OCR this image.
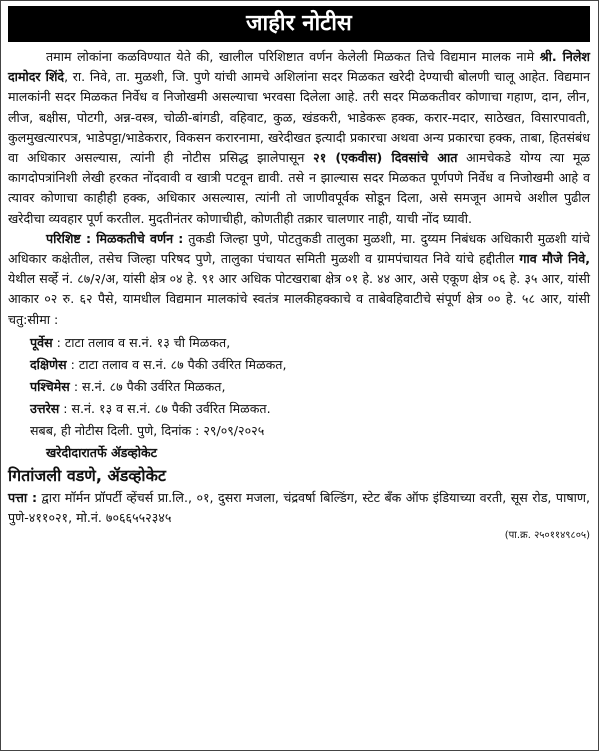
जाहीर नोटीस

तमाम लोकांना कळविण्यात येते की, खालील परिशिष्टात वर्णन केलेली मिळकत तिचे विद्यमान मालक नामे श्री. निलेश दामोदर शिंदे, रा. निवे, ता. मुळशी, जि. पुणे यांची आमचे अशिलांना सदर मिळकत खरेदी देण्याची बोलणी चालू आहेत. विद्यमान मालकांनी सदर मिळकत निर्वेध व निजोखमी असल्याचा भरवसा दिलेला आहे. तरी सदर मिळकतीवर कोणाचा गहाण, दान, लीन, लीज, बक्षीस, पोटगी, अन्न-वस्त्र, चोळी-बांगडी, वहिवाट, कुळ, खंडकरी, भाडेकरू हक्क, करार-मदार, साठेखत, विसारपावती, कुलमुखत्यारपत्र, भाडेपट्टा/भाडेकरार, विकसन करारनामा, खरेदीखत इत्यादी प्रकारचा अथवा अन्य प्रकारचा हक्क, ताबा, हितसंबंध वा अधिकार असल्यास, त्यांनी ही नोटीस प्रसिद्ध झालेपासून २१ (एकवीस) दिवसांचे आत आमचेकडे योग्य त्या मूळ कागदोपत्रांनिशी लेखी हरकत नोंदवावी व खात्री पटवून द्यावी. तसे न झाल्यास सदर मिळकत पूर्णपणे निर्वेध व निजोखमी आहे व त्यावर कोणाचा काहीही हक्क, अधिकार असल्यास, त्यांनी तो जाणीवपूर्वक सोडून दिला, असे समजून आमचे अशील पुढील खरेदीचा व्यवहार पूर्ण करतील. मुदतीनंतर कोणाचीही, कोणतीही तक्रार चालणार नाही, याची नोंद घ्यावी.

परिशिष्ट : मिळकतीचे वर्णन : तुकडी जिल्हा पुणे, पोटतुकडी तालुका मुळशी, मा. दुय्यम निबंधक अधिकारी मुळशी यांचे अधिकार कक्षेतील, तसेच जिल्हा परिषद पुणे, तालुका पंचायत समिती मुळशी व ग्रामपंचायत निवे यांचे हद्दीतील गाव मौजे निवे, येथील सर्व्हे नं. ८७/२/अ, यांसी क्षेत्र ०४ हे. ९१ आर अधिक पोटखराबा क्षेत्र ०१ हे. ४४ आर, असे एकूण क्षेत्र ०६ हे. ३५ आर, यांसी आकार ०२ रु. ६२ पैसे, यामधील विद्यमान मालकांचे स्वतंत्र मालकीहक्काचे व ताबेवहिवाटीचे संपूर्ण क्षेत्र ०० हे. ५८ आर, यांसी चतु:सीमा :

पूर्वेस : टाटा तलाव व स.नं. १३ ची मिळकत,
दक्षिणेस : टाटा तलाव व स.नं. ८७ पैकी उर्वरित मिळकत,
पश्चिमेस : स.नं. ८७ पैकी उर्वरित मिळकत,
उत्तरेस : स.नं. १३ व स.नं. ८७ पैकी उर्वरित मिळकत.
सबब, ही नोटीस दिली. पुणे, दिनांक : २९/०९/२०२५
खरेदीदारातर्फे ॲडव्होकेट
गितांजली वडणे, ॲडव्होकेट
पत्ता : द्वारा मॉर्मन प्रॉपर्टी व्हेंचर्स प्रा.लि., ०१, दुसरा मजला, चंद्रवर्षा बिल्डिंग, स्टेट बँक ऑफ इंडियाच्या वरती, सूस रोड, पाषाण, पुणे-४११०२१, मो.नं. ७०६६५५२३४५
(पा.क्र. २५०११४९८०५)
